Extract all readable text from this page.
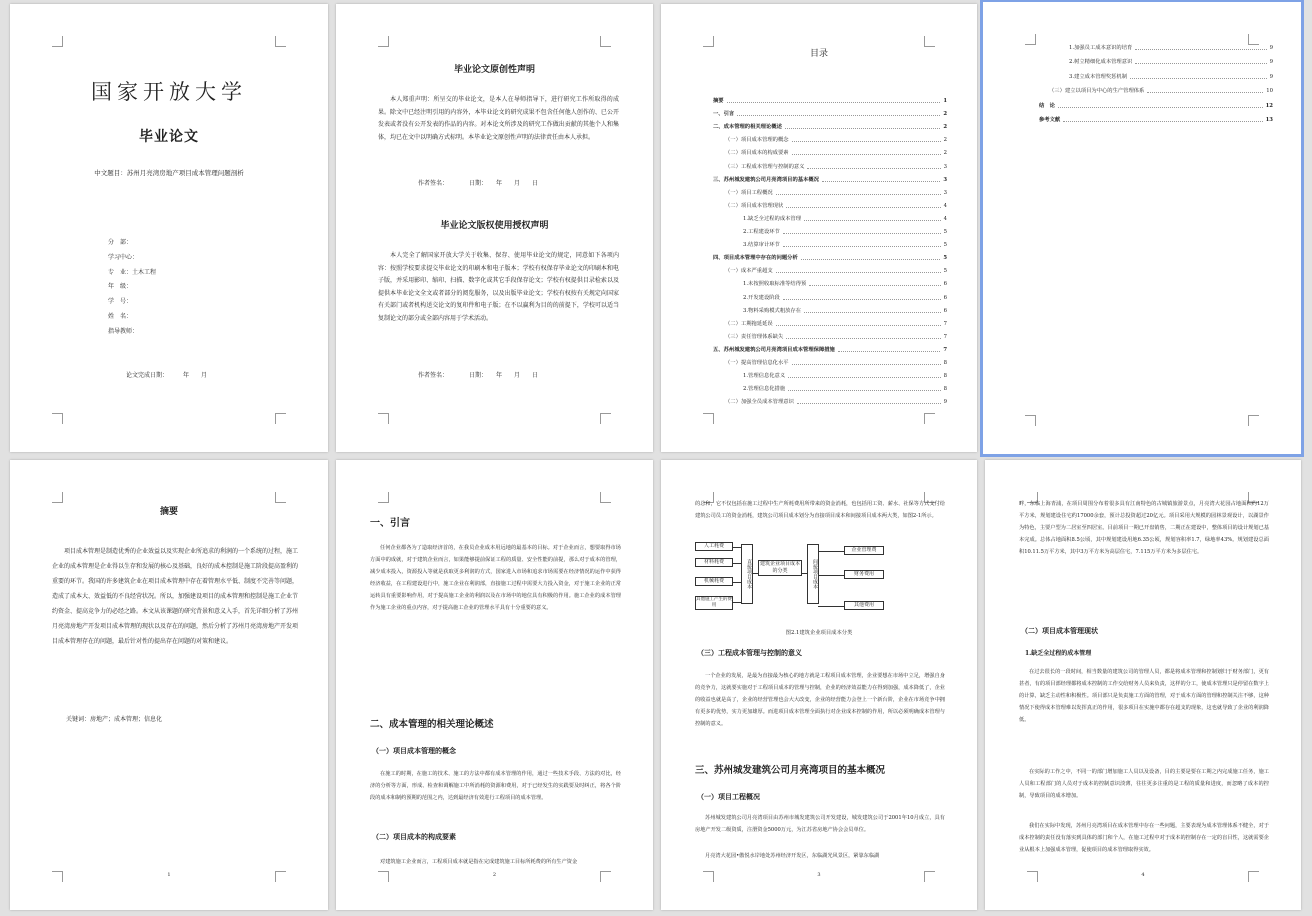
国家开放大学
毕业论文
中文题目：苏州月亮湾房地产项目成本管理问题剖析
分　部：
学习中心：
专　业：土木工程
年　级：
学　号：
姓　名：
指导教师：
论文完成日期：　　　年　　月
毕业论文原创性声明
本人郑重声明：所呈交的毕业论文，是本人在导师指导下，进行研究工作所取得的成果。除文中已经注明引用的内容外，本毕业论文的研究成果不包含任何他人创作的、已公开发表或者没有公开发表的作品的内容。对本论文所涉及的研究工作做出贡献的其他个人和集体，均已在文中以明确方式标明。本毕业论文原创性声明的法律责任由本人承担。
作者签名：　　　　日期：　　年　　月　　日
毕业论文版权使用授权声明
本人完全了解国家开放大学关于收集、保存、使用毕业论文的规定，同意如下各项内容：按照学校要求提交毕业论文的印刷本和电子版本；学校有权保存毕业论文的印刷本和电子版，并采用影印、缩印、扫描、数字化或其它手段保存论文；学校有权提供目录检索以及提供本毕业论文全文或者部分的阅览服务，以及出版毕业论文；学校有权按有关规定向国家有关部门或者机构送交论文的复印件和电子版；在不以赢利为目的的前提下，学校可以适当复制论文的部分或全部内容用于学术活动。
作者签名：　　　　日期：　　年　　月　　日
目录
摘要	1
一、引言	2
二、成本管理的相关理论概述	2
（一）项目成本管理的概念	2
（二）项目成本的构成要素	2
（三）工程成本管理与控制的意义	3
三、苏州城发建筑公司月亮湾项目的基本概况	3
（一）项目工程概况	3
（二）项目成本管理现状	4
1.缺乏全过程的成本管理	4
2.工程建设环节	5
3.结算审计环节	5
四、项目成本管理中存在的问题分析	5
（一）成本严重超支	5
1.未按照收取标准等结得预	6
2.开发建设阶段	6
3.物料采购模式粗放存在	6
（二）工期拖延延误	7
（三）责任管理体系缺失	7
五、苏州城发建筑公司月亮湾项目成本管理保障措施	7
（一）提高管理信息化水平	8
1.管理信息化意义	8
2.管理信息化措施	8
（二）加强全员成本管理意识	9
1.加强员工成本意识的培育	9
2.树立精细化成本管理意识	9
3.建立成本管理奖惩机制	9
（三）建立以项目为中心的生产管理体系	10
结　论	12
参考文献	13
摘要
项目成本管理是制造优秀的企业效益以及实现企业所追求的利润的一个系统的过程，施工企业的成本管理是企业得以生存和发展的核心及基础，良好的成本控制是施工阶段提高盈利的重要的环节。我国的许多建筑企业在项目成本管理中存在着管理水平低、制度不完善等问题，造成了成本大、效益低的不良经营状况。所以，加强建设项目的成本管理和控制是施工企业节约资金、提高竞争力的必经之路。本文从该课题的研究背景和意义入手，首先详细分析了苏州月亮湾房地产开发项目成本管理的现状以及存在的问题，然后分析了苏州月亮湾房地产开发项目成本管理存在的问题，最后针对性的提出存在问题的对策和建议。
关键词：房地产；成本管理；信息化
1
一、引言
任何企业都各为了造取经济首的，在我员企业成本用远地的最基本的目标。对于企业而言，想要取得市场方面中的成就，对于建筑企业而言，如果能够提前保证工程的质量、安全性能的前提，那么对于成本的管理，减少成本投入，资源投入等就是获取更多利润的方式，国家进入市场和追求市场需要在经济情况的运作中获得经济收益，在工程建设进行中，施工企业在利润部，直接施工过程中需要大力投入资金，对于施工企业的正常运转具有重要影响作用，对于提高施工企业的利润以及在市场中的地位具有积极的作用。施工企业的成本管理作为施工企业的重点内容，对于提高施工企业的管理水平具有十分重要的意义。
二、成本管理的相关理论概述
（一）项目成本管理的概念
在施工的时期，在施工的技术、施工的方法中都有成本管理的作用，通过一些技术手段、方法的对比，经济的分析等方面，形成、检查和调解施工中所消耗的资源和费用，对于已经发生的实践要及时纠正，将各个阶段的成本和制约预期的范围之内，达到最经济有效进行工程项目的成本管理。
（二）项目成本的构成要素
对建筑施工企业而言，工程项目成本就是指在完成建筑施工目标所耗费的所有生产资金
2
的总和，它不仅包括在施工过程中生产所耗费用所带来的资金消耗，也包括用工资、薪水、社保等方式支付给建筑公司员工的资金消耗，建筑公司项目成本划分为直接项目成本和间接项目成本两大类，如图2-1所示。
人工耗费
材料耗费
机械耗费
其他施工产生的费用
直接项目成本	建筑企业项目成本的分类	间接项目成本
企业管理费
财务费用
其他费用
图2.1建筑企业项目成本分类
（三）工程成本管理与控制的意义
一个企业的发展，是最为直接最为核心的地方就是工程项目成本管理，企业要想在市场中立足，增强自身的竞争力，这就要实施对于工程项目成本的管理与控制，企业的经济效益能力在得到加强，成本降低了，企业的收益也就是高了，企业的经营管理也会大大改变，企业的经营能力会登上一个新台阶，企业在市场竞争中拥有更多的优势，实力更加雄厚。而进项目成本管理全面执行对企业成本控制的作用，所以必须明确成本管理与控制的意义。
三、苏州城发建筑公司月亮湾项目的基本概况
（一）项目工程概况
苏州城发建筑公司月亮湾项目由苏州市城发建筑公司开发建设，城发建筑公司于2001年10月成立，具有房地产开发二级资质，注册资金5000万元，为江苏省房地产协会会员单位。
月亮湾大花园•傲悦水岸地处苏州经济开发区，东临湖光风景区，紧靠东临湖
3
畔，东临上海青浦，在项目周围分布着很多具有江南特色的古城镇旅游景点，月亮湾大花园占地面积约12万平方米，规划建设住宅约17000余套，预计总投资超过20亿元。项目采用大规模的园林景观设计，以湖景作为特色，主要户型为二居室至四居室。目前项目一期已开盘销售，二期正在建设中，整体项目的设计规划已基本完成。总体占地面积8.5公顷，其中规划建设用地6.35公顷，规划容积率1.7，绿地率43%。规划建设总面积10.11.5万平方米，其中3万平方米为高层住宅，7.115万平方米为多层住宅。
（二）项目成本管理现状
1.缺乏全过程的成本管理
在过去很长的一段时间，相当数量的建筑公司的管理人员，都是将成本管理和控制划归于财务部门，更有甚者，有的项目部经理都将成本控制的工作交给财务人员来负责，这样的分工，使成本管理只是停留在数字上的计算，缺乏主动性和积极性。项目部只是负责施工方面的管理，对于成本方面的管理和控制关注不够，这种情况下使得成本管理难以发挥真正的作用，很多项目在实施中都存在超支的现象，这也就导致了企业的利润降低。
在实际的工作之中，不同一的部门增加施工人员以及设备，目的主要是要在工期之内完成施工任务，施工人员和工程部门的人员对于成本的控制意识淡薄，往往更多注重的是工程的质量和进度，而忽略了成本的控制，导致项目的成本增加。
我们在实际中发现，苏州月亮湾项目在成本管理中存在一些问题，主要表现为成本管理体系不健全，对于成本控制的责任没有落实到具体的部门和个人，在施工过程中对于成本的控制存在一定的盲目性，这就需要企业从根本上加强成本管理，促使项目的成本管理取得实效。
4
